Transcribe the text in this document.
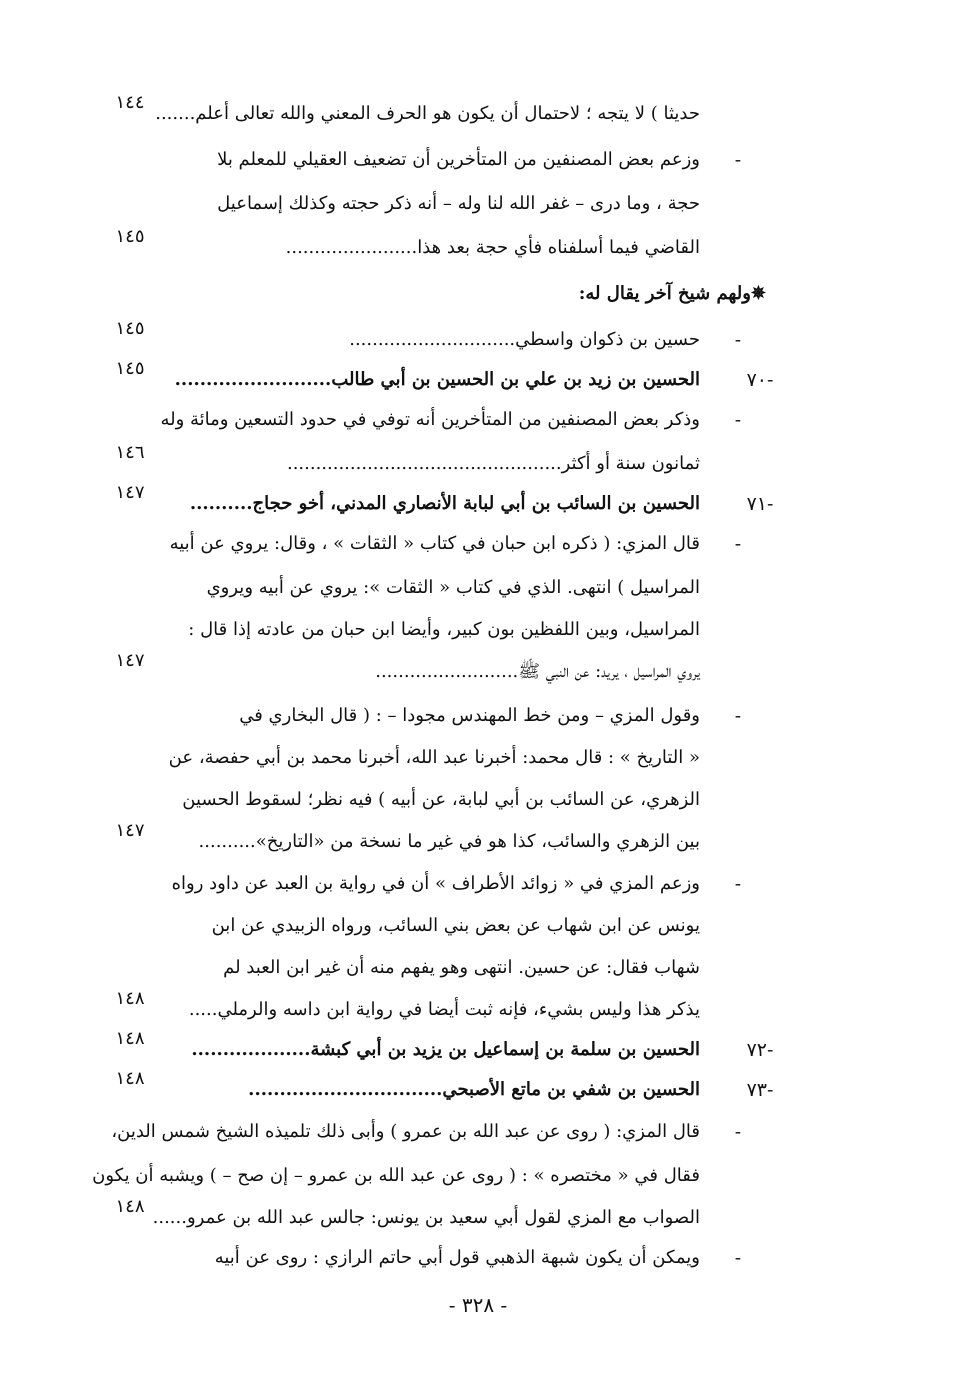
✵ولهم شيخ آخر يقال له:
حديثا ) لا يتجه ؛ لاحتمال أن يكون هو الحرف المعني والله تعالى أعلم.......
١٤٤
-
وزعم بعض المصنفين من المتأخرين أن تضعيف العقيلي للمعلم بلا
حجة ، وما درى – غفر الله لنا وله – أنه ذكر حجته وكذلك إسماعيل
القاضي فيما أسلفناه فأي حجة بعد هذا.......................
١٤٥
-
حسين بن ذكوان واسطي.............................
١٤٥
٧٠-
الحسين بن زيد بن علي بن الحسين بن أبي طالب.........................
١٤٥
-
وذكر بعض المصنفين من المتأخرين أنه توفي في حدود التسعين ومائة وله
ثمانون سنة أو أكثر................................................
١٤٦
٧١-
الحسين بن السائب بن أبي لبابة الأنصاري المدني، أخو حجاج..........
١٤٧
-
قال المزي: ( ذكره ابن حبان في كتاب « الثقات » ، وقال: يروي عن أبيه
المراسيل ) انتهى. الذي في كتاب « الثقات »: يروي عن أبيه ويروي
المراسيل، وبين اللفظين بون كبير، وأيضا ابن حبان من عادته إذا قال :
يروي المراسيل ، يريد: عن النبي ﷺ.........................
١٤٧
-
وقول المزي – ومن خط المهندس مجودا – : ( قال البخاري في
« التاريخ » : قال محمد: أخبرنا عبد الله، أخبرنا محمد بن أبي حفصة، عن
الزهري، عن السائب بن أبي لبابة، عن أبيه ) فيه نظر؛ لسقوط الحسين
بين الزهري والسائب، كذا هو في غير ما نسخة من «التاريخ»..........
١٤٧
-
وزعم المزي في « زوائد الأطراف » أن في رواية بن العبد عن داود رواه
يونس عن ابن شهاب عن بعض بني السائب، ورواه الزبيدي عن ابن
شهاب فقال: عن حسين. انتهى وهو يفهم منه أن غير ابن العبد لم
يذكر هذا وليس بشيء، فإنه ثبت أيضا في رواية ابن داسه والرملي.....
١٤٨
٧٢-
الحسين بن سلمة بن إسماعيل بن يزيد بن أبي كبشة...................
١٤٨
٧٣-
الحسين بن شفي بن ماتع الأصبحي...............................
١٤٨
-
قال المزي: ( روى عن عبد الله بن عمرو ) وأبى ذلك تلميذه الشيخ شمس الدين،
فقال في « مختصره » : ( روى عن عبد الله بن عمرو – إن صح – ) ويشبه أن يكون
الصواب مع المزي لقول أبي سعيد بن يونس: جالس عبد الله بن عمرو......
١٤٨
-
ويمكن أن يكون شبهة الذهبي قول أبي حاتم الرازي : روى عن أبيه
- ٣٢٨ -
